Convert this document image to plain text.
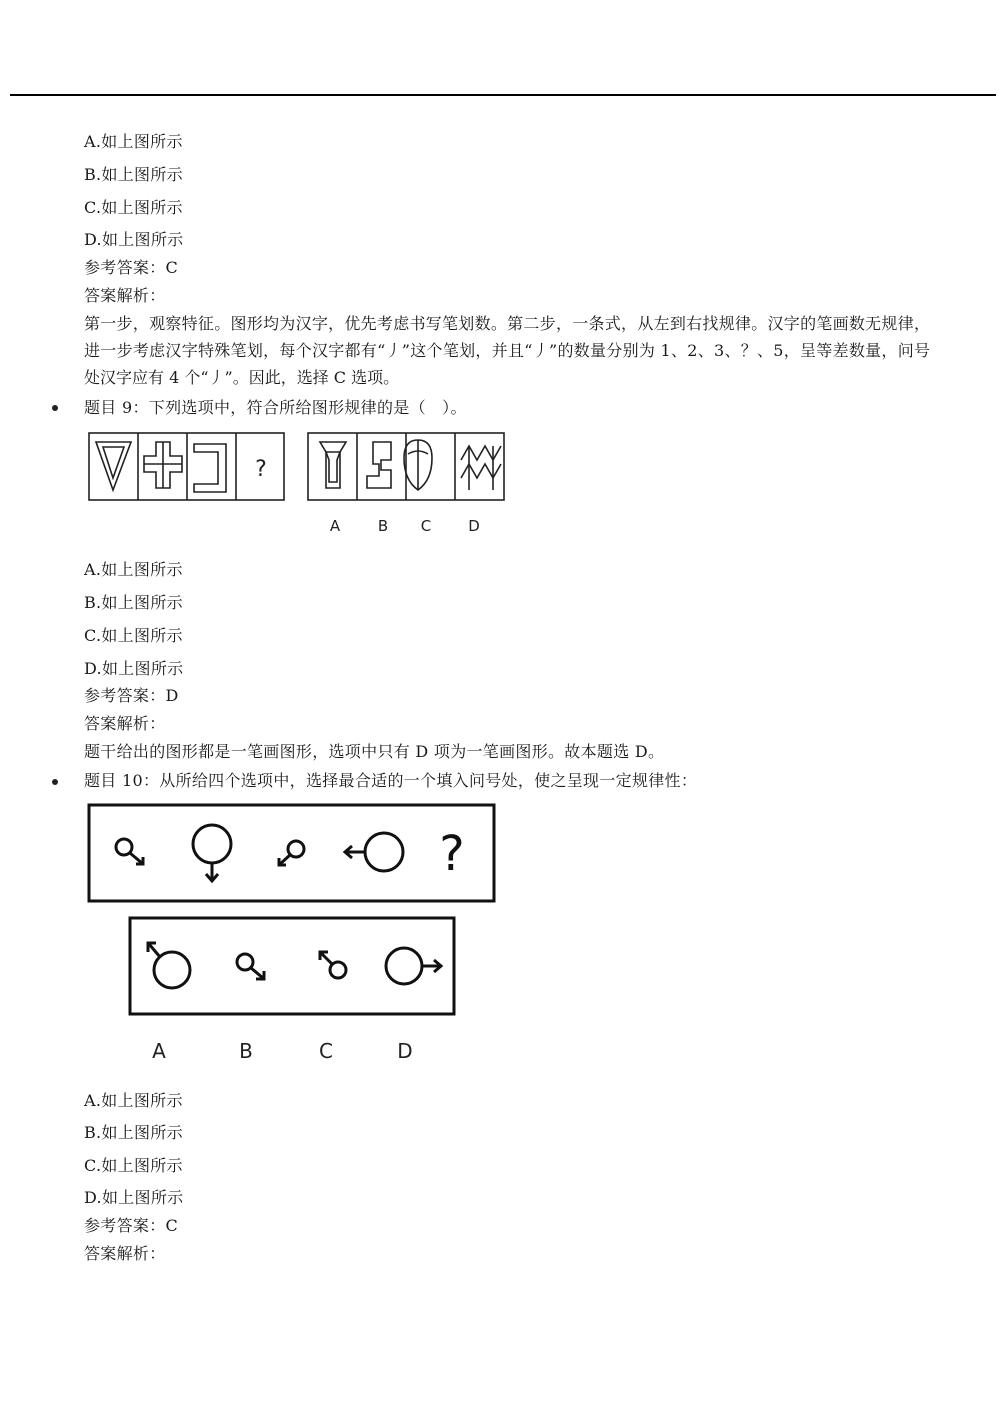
A.如上图所示
B.如上图所示
C.如上图所示
D.如上图所示
参考答案：C
答案解析：
第一步，观察特征。图形均为汉字，优先考虑书写笔划数。第二步，一条式，从左到右找规律。汉字的笔画数无规律，进一步考虑汉字特殊笔划，每个汉字都有“丿”这个笔划，并且“丿”的数量分别为 1、2、3、？、5，呈等差数量，问号处汉字应有 4 个“丿”。因此，选择 C 选项。
题目 9：下列选项中，符合所给图形规律的是（　）。
?
A	B C D
A.如上图所示
B.如上图所示
C.如上图所示
D.如上图所示
参考答案：D
答案解析：
题干给出的图形都是一笔画图形，选项中只有 D 项为一笔画图形。故本题选 D。
题目 10：从所给四个选项中，选择最合适的一个填入问号处，使之呈现一定规律性：
?
A	B	C	D
A.如上图所示
B.如上图所示
C.如上图所示
D.如上图所示
参考答案：C
答案解析：
